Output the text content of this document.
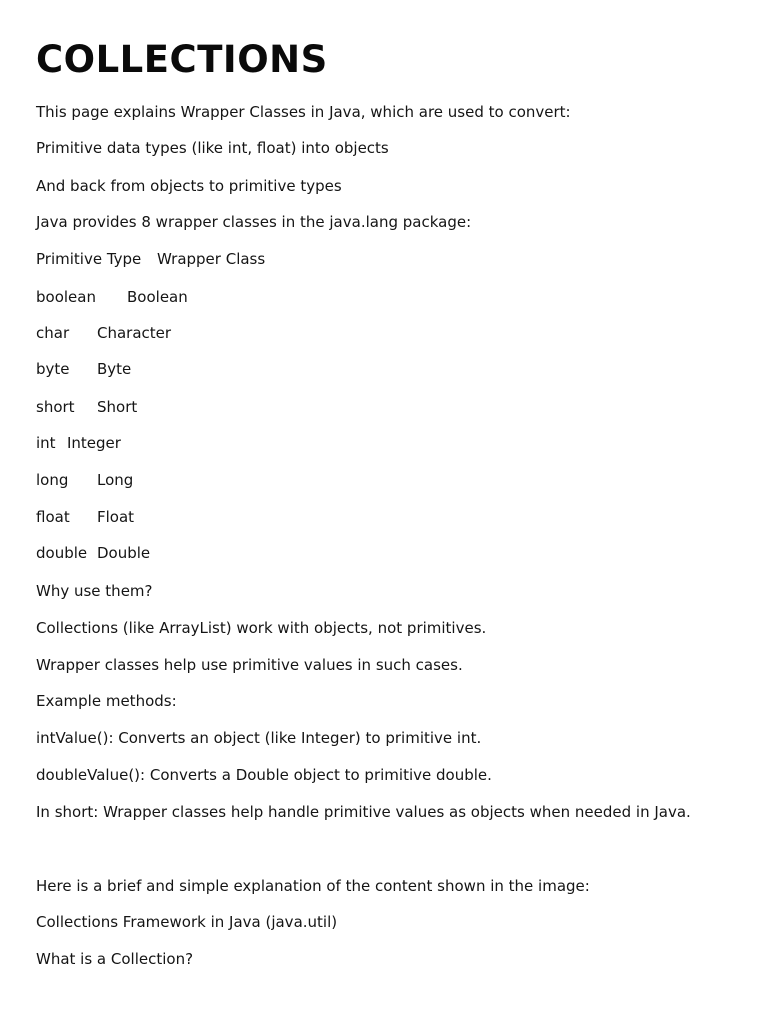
COLLECTIONS

This page explains Wrapper Classes in Java, which are used to convert:

Primitive data types (like int, float) into objects

And back from objects to primitive types

Java provides 8 wrapper classes in the java.lang package:

Primitive Type Wrapper Class
boolean Boolean
char Character
byte Byte
short Short
int Integer
long Long
float Float
double Double

Why use them?

Collections (like ArrayList) work with objects, not primitives.

Wrapper classes help use primitive values in such cases.

Example methods:

intValue(): Converts an object (like Integer) to primitive int.

doubleValue(): Converts a Double object to primitive double.

In short: Wrapper classes help handle primitive values as objects when needed in Java.

Here is a brief and simple explanation of the content shown in the image:

Collections Framework in Java (java.util)

What is a Collection?
